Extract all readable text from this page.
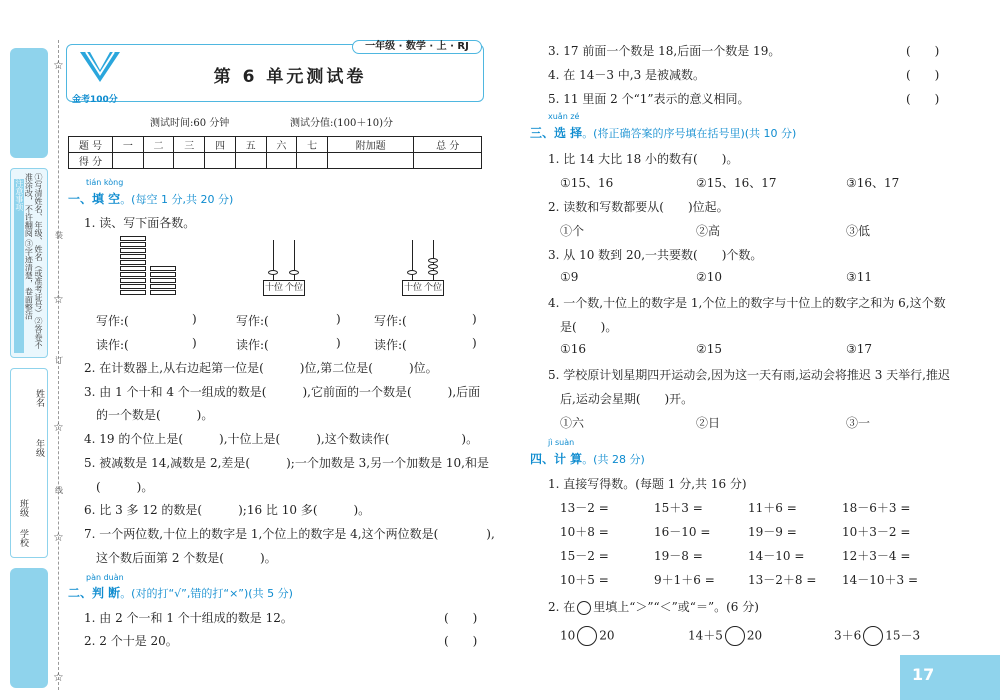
①写清姓名、年级、姓名（或准考证号）②答卷不准涂改，不许翻阅 ③字迹清楚，卷面整洁
注意事项
年级
姓名
学校
班级
☆
☆
☆
☆
☆
装
订
线
一年级 · 数学 · 上 · RJ
金考100分
第 6 单元测试卷
测试时间:60 分钟	测试分值:(100＋10)分
题 号	一	二	三	四	五	六	七	附加题	总 分
得 分									
tián kòng
一、填 空。(每空 1 分,共 20 分)
1. 读、写下面各数。
十位 个位	十位 个位
写作:(	)	写作:(	)	写作:(	)
读作:(	)	读作:(	)	读作:(	)
2. 在计数器上,从右边起第一位是(　　　)位,第二位是(　　　)位。
3. 由 1 个十和 4 个一组成的数是(　　　),它前面的一个数是(　　　),后面
的一个数是(　　　)。
4. 19 的个位上是(　　　),十位上是(　　　),这个数读作(　　　　　　)。
5. 被减数是 14,减数是 2,差是(　　　);一个加数是 3,另一个加数是 10,和是
(　　　)。
6. 比 3 多 12 的数是(　　　);16 比 10 多(　　　)。
7. 一个两位数,十位上的数字是 1,个位上的数字是 4,这个两位数是(　　　　),
这个数后面第 2 个数是(　　　)。
pàn duàn
二、判 断。(对的打“√”,错的打“×”)(共 5 分)
1. 由 2 个一和 1 个十组成的数是 12。	(　　)
2. 2 个十是 20。	(　　)
3. 17 前面一个数是 18,后面一个数是 19。	(　　)
4. 在 14－3 中,3 是被减数。	(　　)
5. 11 里面 2 个“1”表示的意义相同。	(　　)
xuǎn zé
三、选 择。(将正确答案的序号填在括号里)(共 10 分)
1. 比 14 大比 18 小的数有(　　)。
①15、16	②15、16、17	③16、17
2. 读数和写数都要从(　　)位起。
①个	②高	③低
3. 从 10 数到 20,一共要数(　　)个数。
①9	②10	③11
4. 一个数,十位上的数字是 1,个位上的数字与十位上的数字之和为 6,这个数
是(　　)。
①16	②15	③17
5. 学校原计划星期四开运动会,因为这一天有雨,运动会将推迟 3 天举行,推迟
后,运动会星期(　　)开。
①六	②日	③一
jì suàn
四、计 算。(共 28 分)
1. 直接写得数。(每题 1 分,共 16 分)
13－2 =	15＋3 =	11＋6 =	18－6＋3 =
10＋8 =	16－10 =	19－9 =	10＋3－2 =
15－2 =	19－8 =	14－10 =	12＋3－4 =
10＋5 =	9＋1＋6 =	13－2＋8 = 14－10＋3 =
2. 在 里填上“＞”“＜”或“＝”。(6 分)
10 20	14＋5 20	3＋6 15－3
17
